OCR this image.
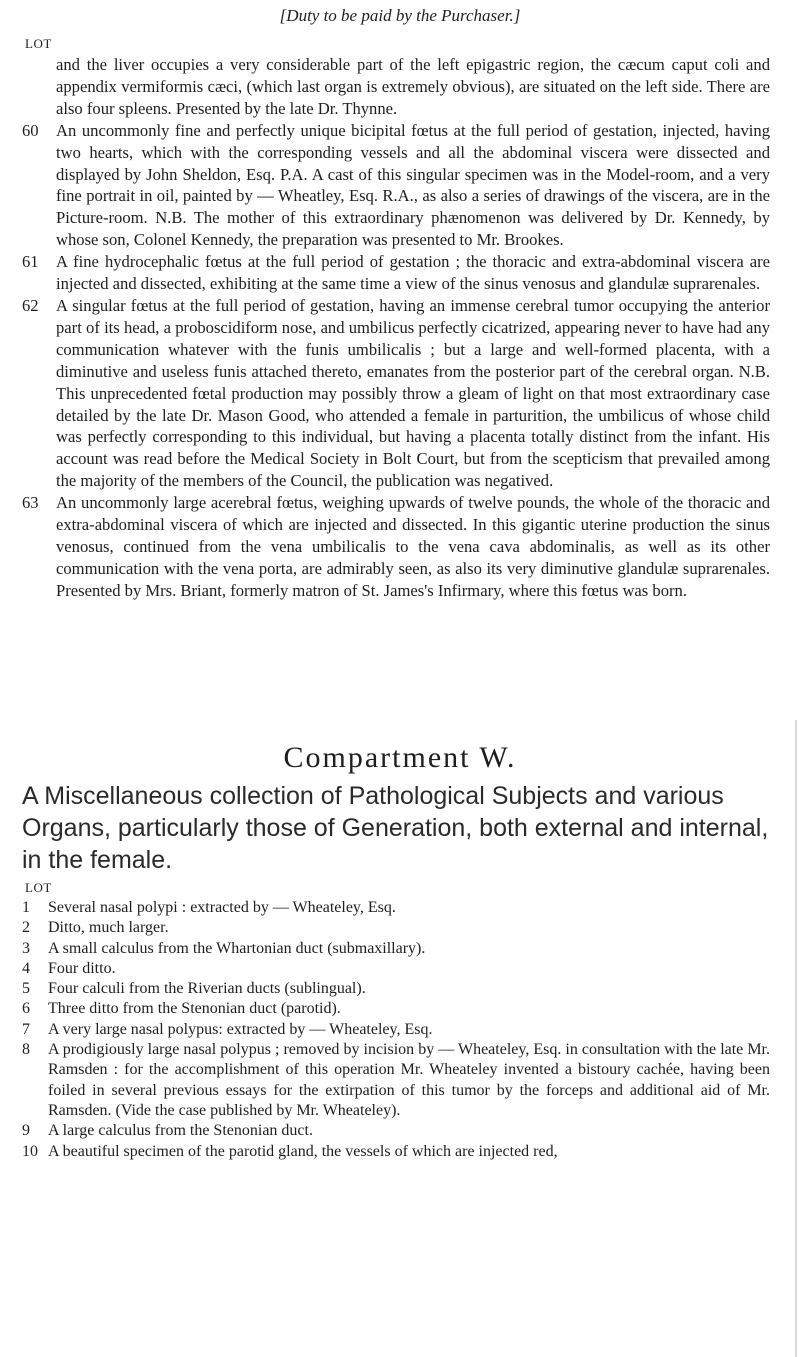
[Duty to be paid by the Purchaser.]
LOT
and the liver occupies a very considerable part of the left epigastric region, the cæcum caput coli and appendix vermiformis cæci, (which last organ is extremely obvious), are situated on the left side. There are also four spleens. Presented by the late Dr. Thynne.
60	An uncommonly fine and perfectly unique bicipital fœtus at the full period of gestation, injected, having two hearts, which with the corresponding vessels and all the abdominal viscera were dissected and displayed by John Sheldon, Esq. P.A. A cast of this singular specimen was in the Model-room, and a very fine portrait in oil, painted by — Wheatley, Esq. R.A., as also a series of drawings of the viscera, are in the Picture-room. N.B. The mother of this extraordinary phænomenon was delivered by Dr. Kennedy, by whose son, Colonel Kennedy, the preparation was presented to Mr. Brookes.
61	A fine hydrocephalic fœtus at the full period of gestation ; the thoracic and extra-abdominal viscera are injected and dissected, exhibiting at the same time a view of the sinus venosus and glandulæ suprarenales.
62	A singular fœtus at the full period of gestation, having an immense cerebral tumor occupying the anterior part of its head, a proboscidiform nose, and umbilicus perfectly cicatrized, appearing never to have had any communication whatever with the funis umbilicalis ; but a large and well-formed placenta, with a diminutive and useless funis attached thereto, emanates from the posterior part of the cerebral organ. N.B. This unprecedented fœtal production may possibly throw a gleam of light on that most extraordinary case detailed by the late Dr. Mason Good, who attended a female in parturition, the umbilicus of whose child was perfectly corresponding to this individual, but having a placenta totally distinct from the infant. His account was read before the Medical Society in Bolt Court, but from the scepticism that prevailed among the majority of the members of the Council, the publication was negatived.
63	An uncommonly large acerebral fœtus, weighing upwards of twelve pounds, the whole of the thoracic and extra-abdominal viscera of which are injected and dissected. In this gigantic uterine production the sinus venosus, continued from the vena umbilicalis to the vena cava abdominalis, as well as its other communication with the vena porta, are admirably seen, as also its very diminutive glandulæ suprarenales. Presented by Mrs. Briant, formerly matron of St. James's Infirmary, where this fœtus was born.
Compartment W.
A Miscellaneous collection of Pathological Subjects and various Organs, particularly those of Generation, both external and internal, in the female.
LOT
1	Several nasal polypi : extracted by — Wheateley, Esq.
2	Ditto, much larger.
3	A small calculus from the Whartonian duct (submaxillary).
4	Four ditto.
5	Four calculi from the Riverian ducts (sublingual).
6	Three ditto from the Stenonian duct (parotid).
7	A very large nasal polypus: extracted by — Wheateley, Esq.
8	A prodigiously large nasal polypus ; removed by incision by — Wheateley, Esq. in consultation with the late Mr. Ramsden : for the accomplishment of this operation Mr. Wheateley invented a bistoury cachée, having been foiled in several previous essays for the extirpation of this tumor by the forceps and additional aid of Mr. Ramsden. (Vide the case published by Mr. Wheateley).
9	A large calculus from the Stenonian duct.
10 A beautiful specimen of the parotid gland, the vessels of which are injected red,
